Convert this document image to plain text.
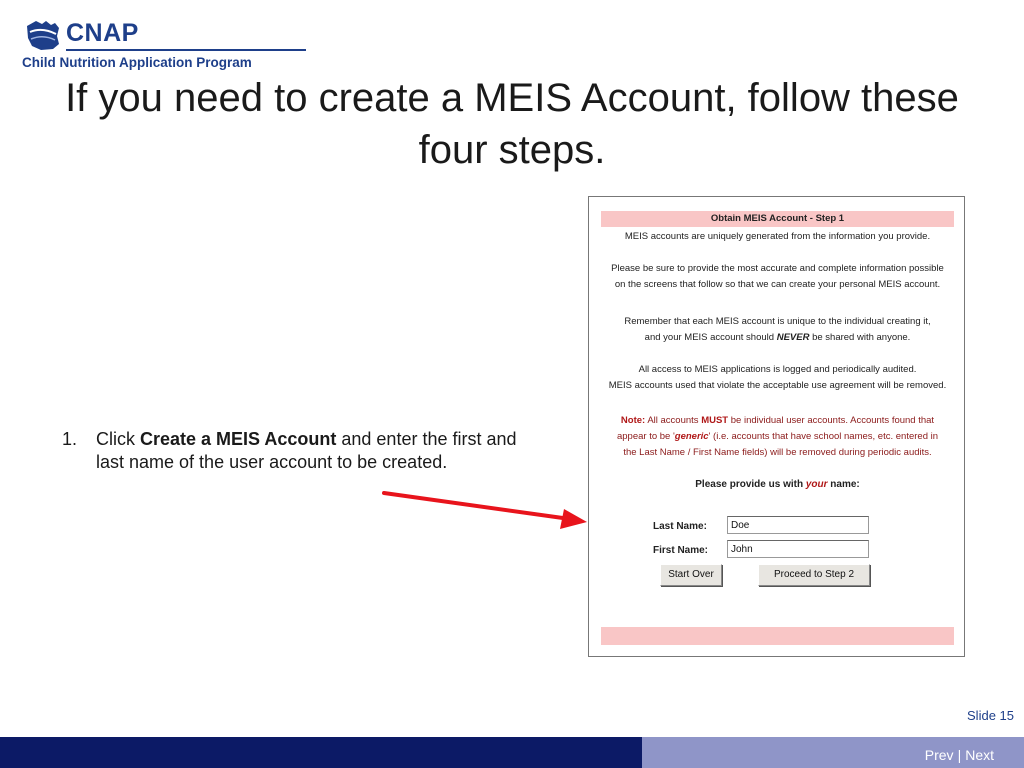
CNAP
Child Nutrition Application Program
If you need to create a MEIS Account, follow these four steps.
1. Click Create a MEIS Account and enter the first and last name of the user account to be created.
Obtain MEIS Account - Step 1
MEIS accounts are uniquely generated from the information you provide.
Please be sure to provide the most accurate and complete information possible
on the screens that follow so that we can create your personal MEIS account.
Remember that each MEIS account is unique to the individual creating it,
and your MEIS account should NEVER be shared with anyone.
All access to MEIS applications is logged and periodically audited.
MEIS accounts used that violate the acceptable use agreement will be removed.
Note: All accounts MUST be individual user accounts. Accounts found that
appear to be 'generic' (i.e. accounts that have school names, etc. entered in
the Last Name / First Name fields) will be removed during periodic audits.
Please provide us with your name:
Last Name:	Doe
First Name:	John
Start Over	Proceed to Step 2
Slide 15
Prev | Next
